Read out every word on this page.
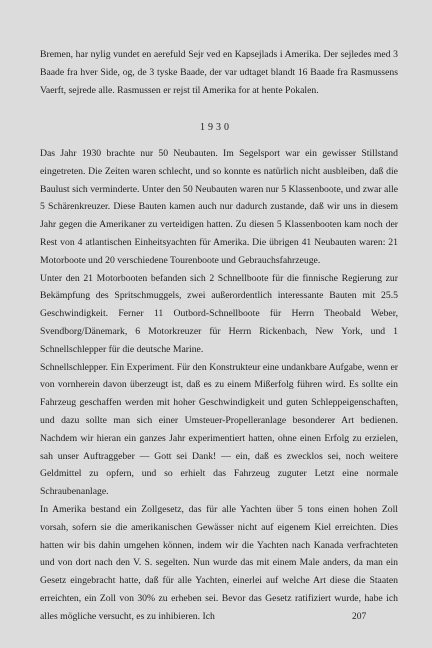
Bremen, har nylig vundet en aerefuld Sejr ved en Kapsejlads i Amerika. Der sejledes med 3 Baade fra hver Side, og, de 3 tyske Baade, der var udtaget blandt 16 Baade fra Rasmussens Vaerft, sejrede alle. Rasmussen er rejst til Amerika for at hente Pokalen.

1930

Das Jahr 1930 brachte nur 50 Neubauten. Im Segelsport war ein gewisser Stillstand eingetreten. Die Zeiten waren schlecht, und so konnte es natürlich nicht ausbleiben, daß die Baulust sich verminderte. Unter den 50 Neubauten waren nur 5 Klassenboote, und zwar alle 5 Schärenkreuzer. Diese Bauten kamen auch nur dadurch zustande, daß wir uns in diesem Jahr gegen die Amerikaner zu verteidigen hatten. Zu diesen 5 Klassenbooten kam noch der Rest von 4 atlantischen Einheitsyachten für Amerika. Die übrigen 41 Neubauten waren: 21 Motorboote und 20 verschiedene Tourenboote und Gebrauchsfahrzeuge.

Unter den 21 Motorbooten befanden sich 2 Schnellboote für die finnische Regierung zur Bekämpfung des Spritschmuggels, zwei außerordentlich interessante Bauten mit 25.5 Geschwindigkeit. Ferner 11 Outbord-Schnellboote für Herrn Theobald Weber, Svendborg/Dänemark, 6 Motorkreuzer für Herrn Rickenbach, New York, und 1 Schnellschlepper für die deutsche Marine.

Schnellschlepper. Ein Experiment. Für den Konstrukteur eine undankbare Aufgabe, wenn er von vornherein davon überzeugt ist, daß es zu einem Mißerfolg führen wird. Es sollte ein Fahrzeug geschaffen werden mit hoher Geschwindigkeit und guten Schleppeigenschaften, und dazu sollte man sich einer Umsteuer-Propelleranlage besonderer Art bedienen. Nachdem wir hieran ein ganzes Jahr experimentiert hatten, ohne einen Erfolg zu erzielen, sah unser Auftraggeber — Gott sei Dank! — ein, daß es zwecklos sei, noch weitere Geldmittel zu opfern, und so erhielt das Fahrzeug zuguter Letzt eine normale Schraubenanlage.

In Amerika bestand ein Zollgesetz, das für alle Yachten über 5 tons einen hohen Zoll vorsah, sofern sie die amerikanischen Gewässer nicht auf eigenem Kiel erreichten. Dies hatten wir bis dahin umgehen können, indem wir die Yachten nach Kanada verfrachteten und von dort nach den V. S. segelten. Nun wurde das mit einem Male anders, da man ein Gesetz eingebracht hatte, daß für alle Yachten, einerlei auf welche Art diese die Staaten erreichten, ein Zoll von 30% zu erheben sei. Bevor das Gesetz ratifiziert wurde, habe ich alles mögliche versucht, es zu inhibieren. Ich	207
